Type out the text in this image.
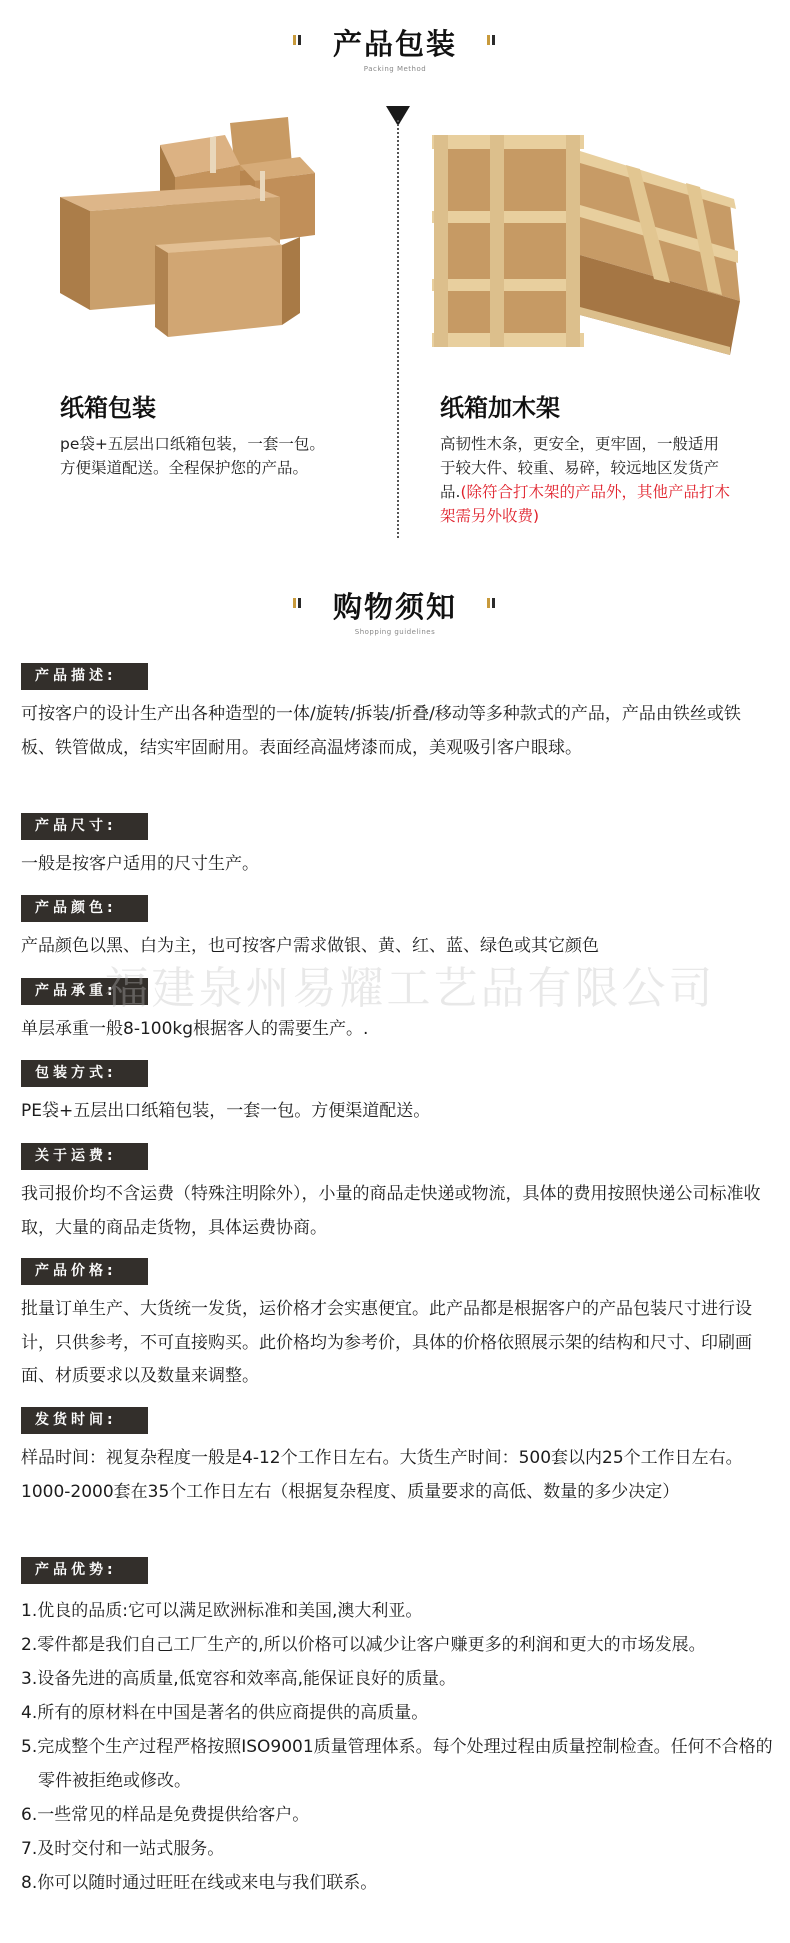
产品包装
Packing Method
纸箱包装
pe袋+五层出口纸箱包装，一套一包。
方便渠道配送。全程保护您的产品。
纸箱加木架
高韧性木条，更安全，更牢固，一般适用于较大件、较重、易碎，较远地区发货产品.(除符合打木架的产品外，其他产品打木架需另外收费)
购物须知
Shopping guidelines
产品描述:
可按客户的设计生产出各种造型的一体/旋转/拆装/折叠/移动等多种款式的产品，产品由铁丝或铁板、铁管做成，结实牢固耐用。表面经高温烤漆而成，美观吸引客户眼球。
产品尺寸:
一般是按客户适用的尺寸生产。
产品颜色:
产品颜色以黑、白为主，也可按客户需求做银、黄、红、蓝、绿色或其它颜色
产品承重:
单层承重一般8-100kg根据客人的需要生产。.
包装方式:
PE袋+五层出口纸箱包装，一套一包。方便渠道配送。
关于运费:
我司报价均不含运费（特殊注明除外），小量的商品走快递或物流，具体的费用按照快递公司标准收取，大量的商品走货物，具体运费协商。
产品价格:
批量订单生产、大货统一发货，运价格才会实惠便宜。此产品都是根据客户的产品包装尺寸进行设计，只供参考，不可直接购买。此价格均为参考价，具体的价格依照展示架的结构和尺寸、印刷画面、材质要求以及数量来调整。
发货时间:
样品时间：视复杂程度一般是4-12个工作日左右。大货生产时间：500套以内25个工作日左右。1000-2000套在35个工作日左右（根据复杂程度、质量要求的高低、数量的多少决定）
产品优势:
1.优良的品质:它可以满足欧洲标准和美国,澳大利亚。
2.零件都是我们自己工厂生产的,所以价格可以减少让客户赚更多的利润和更大的市场发展。
3.设备先进的高质量,低宽容和效率高,能保证良好的质量。
4.所有的原材料在中国是著名的供应商提供的高质量。
5.完成整个生产过程严格按照ISO9001质量管理体系。每个处理过程由质量控制检查。任何不合格的零件被拒绝或修改。
6.一些常见的样品是免费提供给客户。
7.及时交付和一站式服务。
8.你可以随时通过旺旺在线或来电与我们联系。
福建泉州易耀工艺品有限公司
